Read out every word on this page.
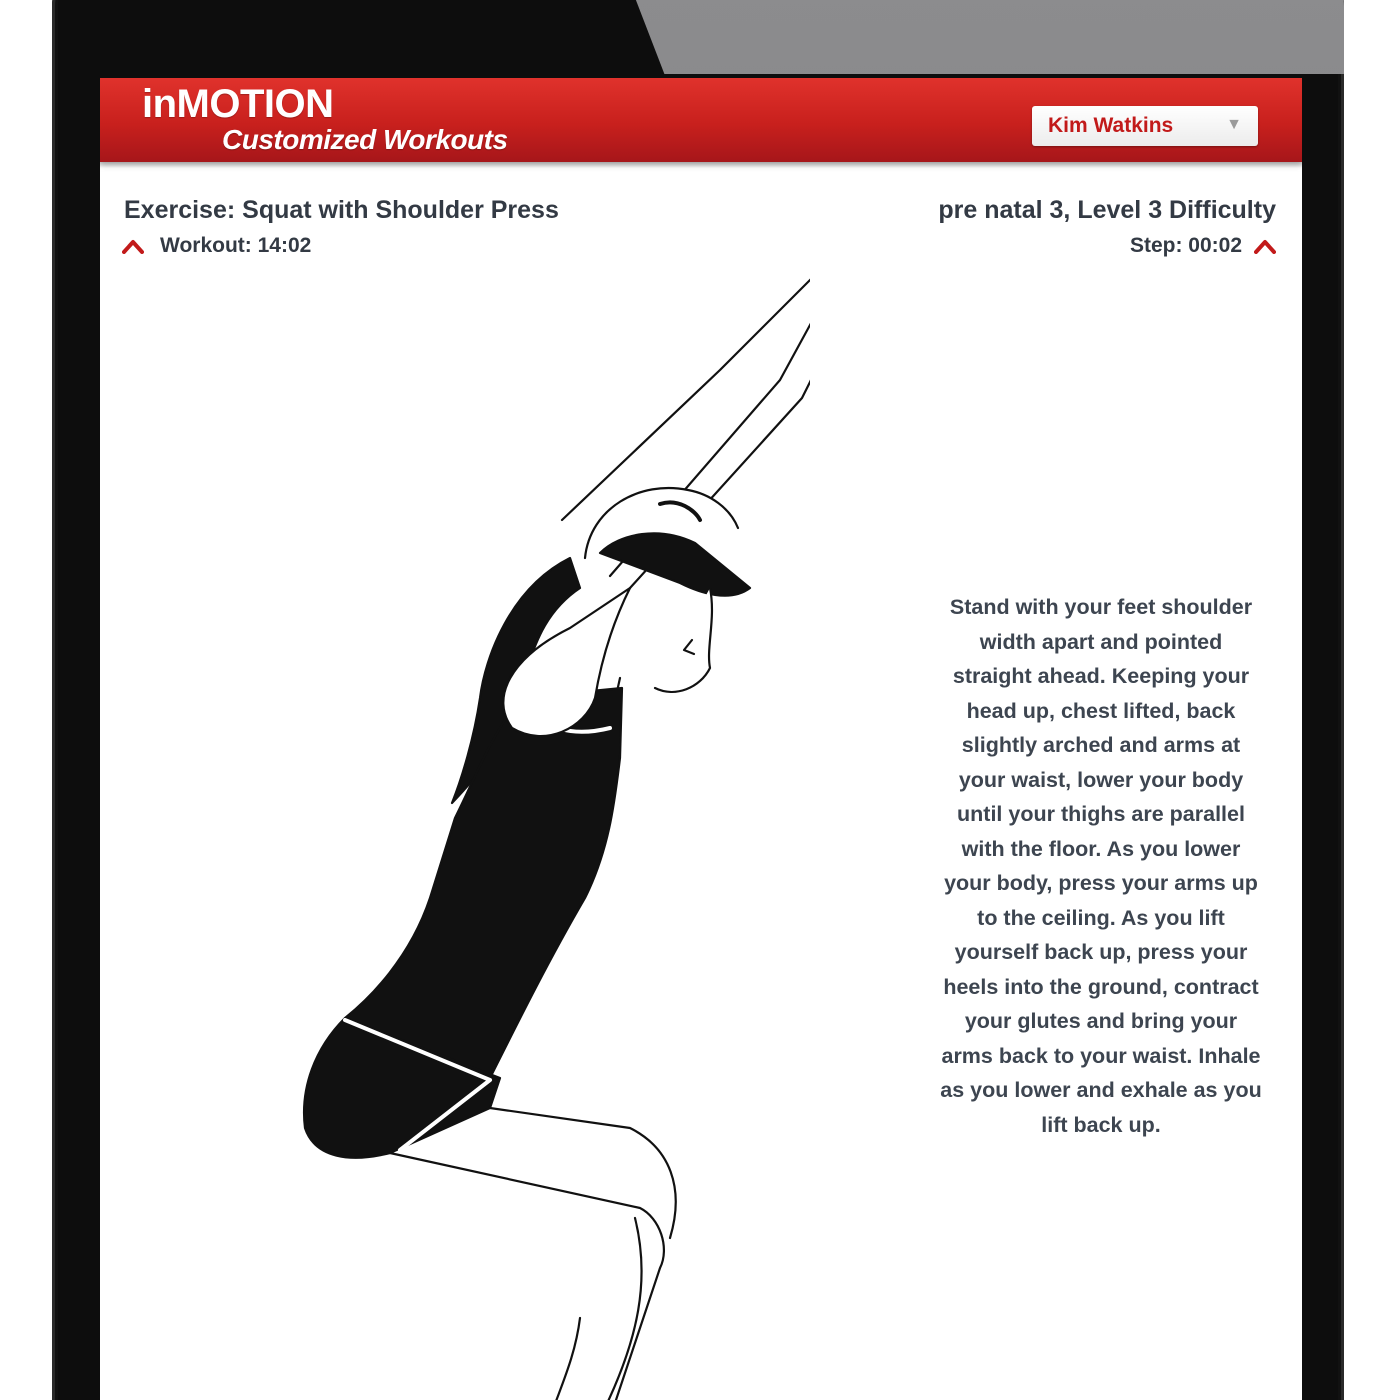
inMOTION
Customized Workouts	Kim Watkins	▼
Exercise: Squat with Shoulder Press	pre natal 3, Level 3 Difficulty
Workout: 14:02	Step: 00:02
Stand with your feet shoulder width apart and pointed straight ahead. Keeping your head up, chest lifted, back slightly arched and arms at your waist, lower your body until your thighs are parallel with the floor. As you lower your body, press your arms up to the ceiling. As you lift yourself back up, press your heels into the ground, contract your glutes and bring your arms back to your waist. Inhale as you lower and exhale as you lift back up.
